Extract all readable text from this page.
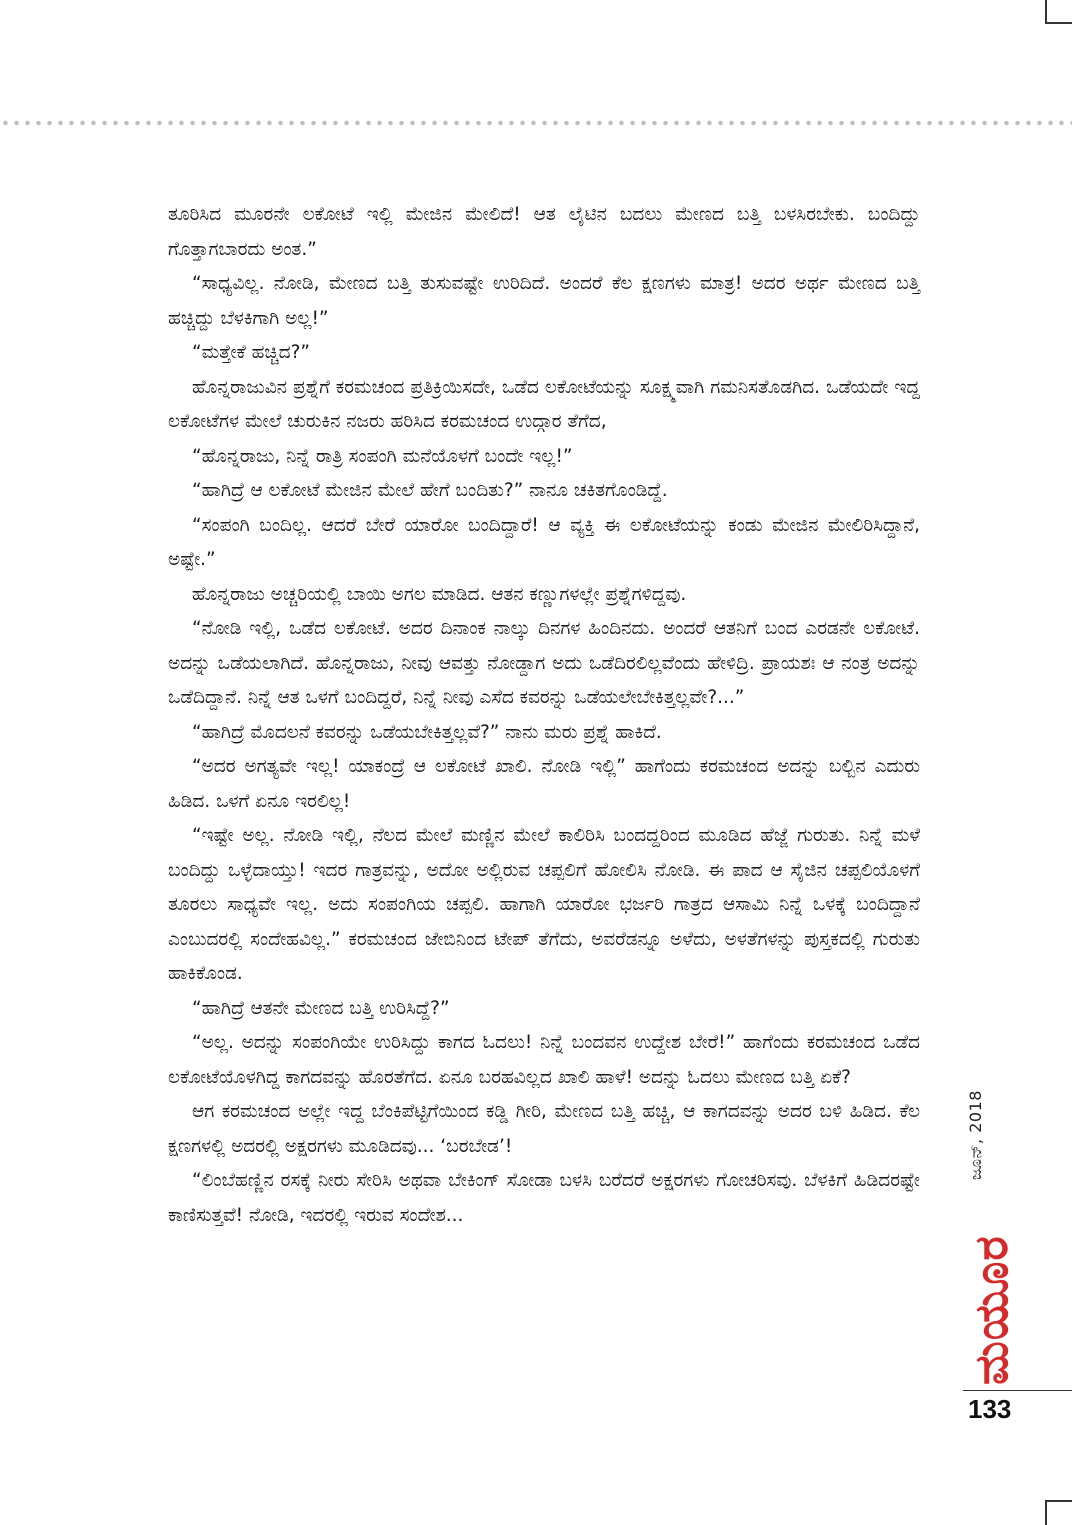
ತೂರಿಸಿದ ಮೂರನೇ ಲಕೋಟೆ ಇಲ್ಲಿ ಮೇಜಿನ ಮೇಲಿದೆ! ಆತ ಲೈಟಿನ ಬದಲು ಮೇಣದ ಬತ್ತಿ ಬಳಸಿರಬೇಕು. ಬಂದಿದ್ದು ಗೊತ್ತಾಗಬಾರದು ಅಂತ.”

“ಸಾಧ್ಯವಿಲ್ಲ. ನೋಡಿ, ಮೇಣದ ಬತ್ತಿ ತುಸುವಷ್ಟೇ ಉರಿದಿದೆ. ಅಂದರೆ ಕೆಲ ಕ್ಷಣಗಳು ಮಾತ್ರ! ಅದರ ಅರ್ಥ ಮೇಣದ ಬತ್ತಿ ಹಚ್ಚಿದ್ದು ಬೆಳಕಿಗಾಗಿ ಅಲ್ಲ!”

“ಮತ್ತೇಕೆ ಹಚ್ಚಿದ?”

ಹೊನ್ನರಾಜುವಿನ ಪ್ರಶ್ನೆಗೆ ಕರಮಚಂದ ಪ್ರತಿಕ್ರಿಯಿಸದೇ, ಒಡೆದ ಲಕೋಟೆಯನ್ನು ಸೂಕ್ಷ್ಮವಾಗಿ ಗಮನಿಸತೊಡಗಿದ. ಒಡೆಯದೇ ಇದ್ದ ಲಕೋಟೆಗಳ ಮೇಲೆ ಚುರುಕಿನ ನಜರು ಹರಿಸಿದ ಕರಮಚಂದ ಉದ್ಗಾರ ತೆಗೆದ,

“ಹೊನ್ನರಾಜು, ನಿನ್ನೆ ರಾತ್ರಿ ಸಂಪಂಗಿ ಮನೆಯೊಳಗೆ ಬಂದೇ ಇಲ್ಲ!”

“ಹಾಗಿದ್ರೆ ಆ ಲಕೋಟೆ ಮೇಜಿನ ಮೇಲೆ ಹೇಗೆ ಬಂದಿತು?” ನಾನೂ ಚಕಿತಗೊಂಡಿದ್ದೆ.

“ಸಂಪಂಗಿ ಬಂದಿಲ್ಲ. ಆದರೆ ಬೇರೆ ಯಾರೋ ಬಂದಿದ್ದಾರೆ! ಆ ವ್ಯಕ್ತಿ ಈ ಲಕೋಟೆಯನ್ನು ಕಂಡು ಮೇಜಿನ ಮೇಲಿರಿಸಿದ್ದಾನೆ, ಅಷ್ಟೇ.”

ಹೊನ್ನರಾಜು ಅಚ್ಚರಿಯಲ್ಲಿ ಬಾಯಿ ಅಗಲ ಮಾಡಿದ. ಆತನ ಕಣ್ಣುಗಳಲ್ಲೇ ಪ್ರಶ್ನೆಗಳಿದ್ದವು.

“ನೋಡಿ ಇಲ್ಲಿ, ಒಡೆದ ಲಕೋಟೆ. ಅದರ ದಿನಾಂಕ ನಾಲ್ಕು ದಿನಗಳ ಹಿಂದಿನದು. ಅಂದರೆ ಆತನಿಗೆ ಬಂದ ಎರಡನೇ ಲಕೋಟೆ. ಅದನ್ನು ಒಡೆಯಲಾಗಿದೆ. ಹೊನ್ನರಾಜು, ನೀವು ಆವತ್ತು ನೋಡ್ದಾಗ ಅದು ಒಡೆದಿರಲಿಲ್ಲವೆಂದು ಹೇಳಿದ್ರಿ. ಪ್ರಾಯಶಃ ಆ ನಂತ್ರ ಅದನ್ನು ಒಡೆದಿದ್ದಾನೆ. ನಿನ್ನೆ ಆತ ಒಳಗೆ ಬಂದಿದ್ದರೆ, ನಿನ್ನೆ ನೀವು ಎಸೆದ ಕವರನ್ನು ಒಡೆಯಲೇಬೇಕಿತ್ತಲ್ಲವೇ?...”

“ಹಾಗಿದ್ರೆ ಮೊದಲನೆ ಕವರನ್ನು ಒಡೆಯಬೇಕಿತ್ತಲ್ಲವೆ?” ನಾನು ಮರು ಪ್ರಶ್ನೆ ಹಾಕಿದೆ.

“ಅದರ ಅಗತ್ಯವೇ ಇಲ್ಲ! ಯಾಕಂದ್ರೆ ಆ ಲಕೋಟೆ ಖಾಲಿ. ನೋಡಿ ಇಲ್ಲಿ” ಹಾಗೆಂದು ಕರಮಚಂದ ಅದನ್ನು ಬಲ್ಬಿನ ಎದುರು ಹಿಡಿದ. ಒಳಗೆ ಏನೂ ಇರಲಿಲ್ಲ!

“ಇಷ್ಟೇ ಅಲ್ಲ. ನೋಡಿ ಇಲ್ಲಿ, ನೆಲದ ಮೇಲೆ ಮಣ್ಣಿನ ಮೇಲೆ ಕಾಲಿರಿಸಿ ಬಂದದ್ದರಿಂದ ಮೂಡಿದ ಹೆಜ್ಜೆ ಗುರುತು. ನಿನ್ನೆ ಮಳೆ ಬಂದಿದ್ದು ಒಳ್ಳೆದಾಯ್ತು! ಇದರ ಗಾತ್ರವನ್ನು, ಅದೋ ಅಲ್ಲಿರುವ ಚಪ್ಪಲಿಗೆ ಹೋಲಿಸಿ ನೋಡಿ. ಈ ಪಾದ ಆ ಸೈಜಿನ ಚಪ್ಪಲಿಯೊಳಗೆ ತೂರಲು ಸಾಧ್ಯವೇ ಇಲ್ಲ. ಅದು ಸಂಪಂಗಿಯ ಚಪ್ಪಲಿ. ಹಾಗಾಗಿ ಯಾರೋ ಭರ್ಜರಿ ಗಾತ್ರದ ಆಸಾಮಿ ನಿನ್ನೆ ಒಳಕ್ಕೆ ಬಂದಿದ್ದಾನೆ ಎಂಬುದರಲ್ಲಿ ಸಂದೇಹವಿಲ್ಲ.” ಕರಮಚಂದ ಜೇಬಿನಿಂದ ಟೇಪ್ ತೆಗೆದು, ಅವರೆಡನ್ನೂ ಅಳೆದು, ಅಳತೆಗಳನ್ನು ಪುಸ್ತಕದಲ್ಲಿ ಗುರುತು ಹಾಕಿಕೊಂಡ.

“ಹಾಗಿದ್ರೆ ಆತನೇ ಮೇಣದ ಬತ್ತಿ ಉರಿಸಿದ್ದೆ?”

“ಅಲ್ಲ. ಅದನ್ನು ಸಂಪಂಗಿಯೇ ಉರಿಸಿದ್ದು ಕಾಗದ ಓದಲು! ನಿನ್ನೆ ಬಂದವನ ಉದ್ದೇಶ ಬೇರೆ!” ಹಾಗೆಂದು ಕರಮಚಂದ ಒಡೆದ ಲಕೋಟೆಯೊಳಗಿದ್ದ ಕಾಗದವನ್ನು ಹೊರತೆಗೆದ. ಏನೂ ಬರಹವಿಲ್ಲದ ಖಾಲಿ ಹಾಳೆ! ಅದನ್ನು ಓದಲು ಮೇಣದ ಬತ್ತಿ ಏಕೆ?

ಆಗ ಕರಮಚಂದ ಅಲ್ಲೇ ಇದ್ದ ಬೆಂಕಿಪೆಟ್ಟಿಗೆಯಿಂದ ಕಡ್ಡಿ ಗೀರಿ, ಮೇಣದ ಬತ್ತಿ ಹಚ್ಚಿ, ಆ ಕಾಗದವನ್ನು ಅದರ ಬಳಿ ಹಿಡಿದ. ಕೆಲ ಕ್ಷಣಗಳಲ್ಲಿ ಅದರಲ್ಲಿ ಅಕ್ಷರಗಳು ಮೂಡಿದವು... ‘ಬರಬೇಡ’!

“ಲಿಂಬೆಹಣ್ಣಿನ ರಸಕ್ಕೆ ನೀರು ಸೇರಿಸಿ ಅಥವಾ ಬೇಕಿಂಗ್ ಸೋಡಾ ಬಳಸಿ ಬರೆದರೆ ಅಕ್ಷರಗಳು ಗೋಚರಿಸವು. ಬೆಳಕಿಗೆ ಹಿಡಿದರಷ್ಟೇ ಕಾಣಿಸುತ್ತವೆ! ನೋಡಿ, ಇದರಲ್ಲಿ ಇರುವ ಸಂದೇಶ...

ಜೂನ್, 2018
ಮಯೂರ
133
